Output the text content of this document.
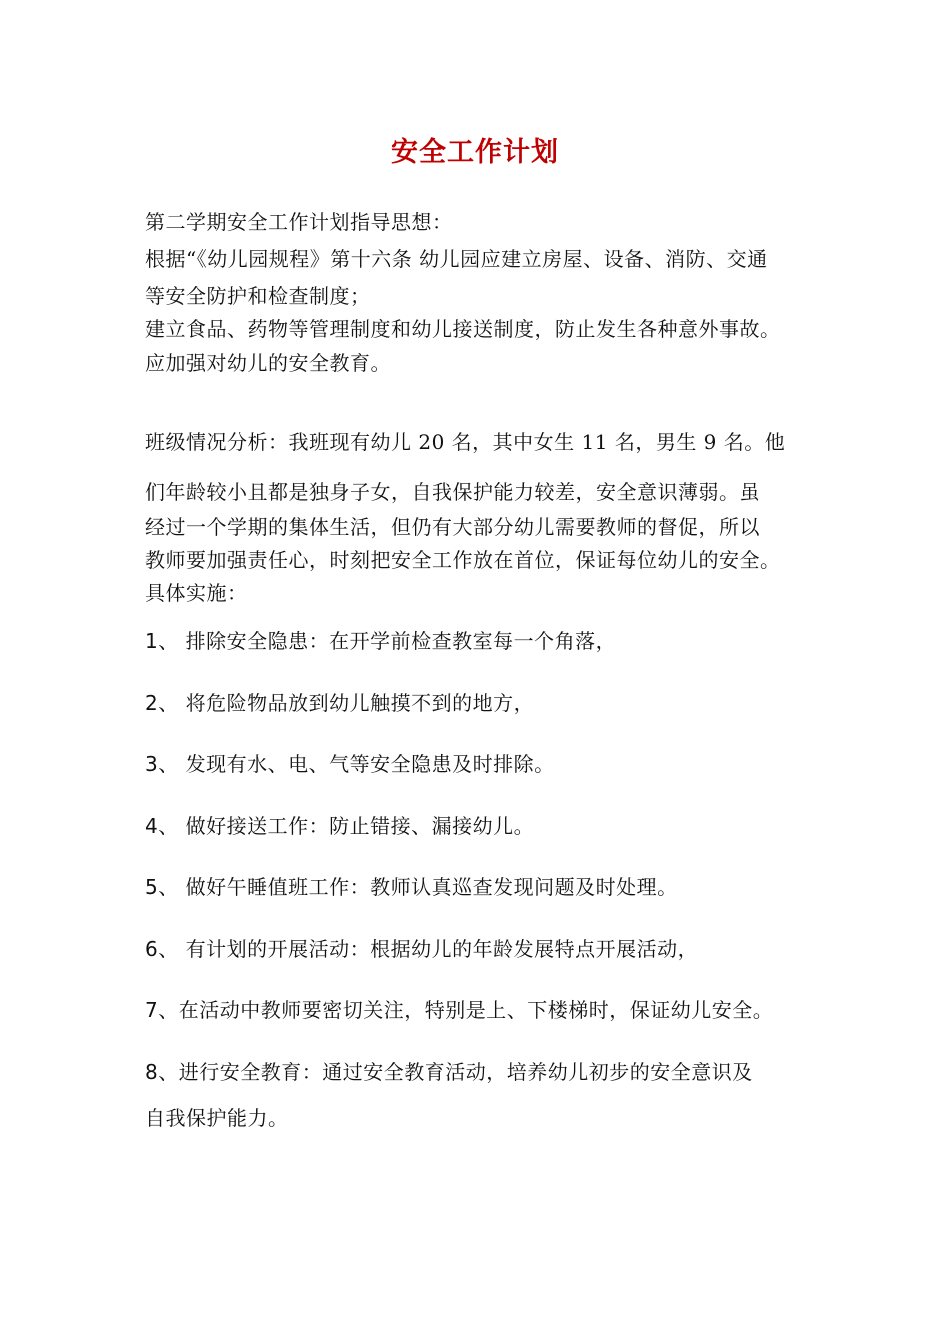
安全工作计划
第二学期安全工作计划指导思想：
根据“《幼儿园规程》第十六条 幼儿园应建立房屋、设备、消防、交通
等安全防护和检查制度；
建立食品、药物等管理制度和幼儿接送制度，防止发生各种意外事故。
应加强对幼儿的安全教育。
班级情况分析：我班现有幼儿 20 名，其中女生 11 名，男生 9 名。他
们年龄较小且都是独身子女，自我保护能力较差，安全意识薄弱。虽
经过一个学期的集体生活，但仍有大部分幼儿需要教师的督促，所以
教师要加强责任心，时刻把安全工作放在首位，保证每位幼儿的安全。
具体实施：
1、 排除安全隐患：在开学前检查教室每一个角落，
2、 将危险物品放到幼儿触摸不到的地方，
3、 发现有水、电、气等安全隐患及时排除。
4、 做好接送工作：防止错接、漏接幼儿。
5、 做好午睡值班工作：教师认真巡查发现问题及时处理。
6、 有计划的开展活动：根据幼儿的年龄发展特点开展活动，
7、在活动中教师要密切关注，特别是上、下楼梯时，保证幼儿安全。
8、进行安全教育：通过安全教育活动，培养幼儿初步的安全意识及
自我保护能力。
